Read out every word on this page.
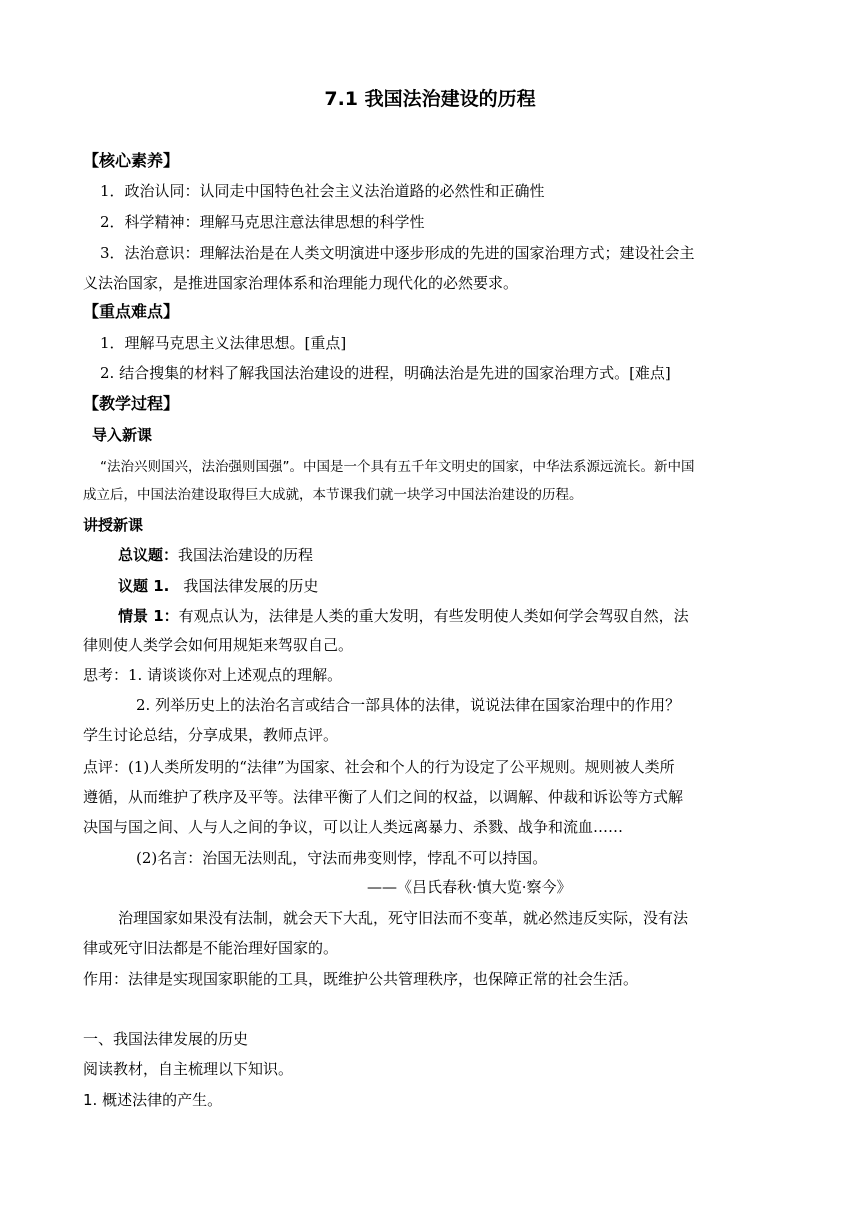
7.1 我国法治建设的历程
【核心素养】
1．政治认同：认同走中国特色社会主义法治道路的必然性和正确性
2．科学精神：理解马克思注意法律思想的科学性
3．法治意识：理解法治是在人类文明演进中逐步形成的先进的国家治理方式；建设社会主
义法治国家，是推进国家治理体系和治理能力现代化的必然要求。
【重点难点】
1．理解马克思主义法律思想。[重点]
2. 结合搜集的材料了解我国法治建设的进程，明确法治是先进的国家治理方式。[难点]
【教学过程】
导入新课
“法治兴则国兴，法治强则国强”。中国是一个具有五千年文明史的国家，中华法系源远流长。新中国
成立后，中国法治建设取得巨大成就，本节课我们就一块学习中国法治建设的历程。
讲授新课
总议题：我国法治建设的历程
议题 1. 我国法律发展的历史
情景 1：有观点认为，法律是人类的重大发明，有些发明使人类如何学会驾驭自然，法
律则使人类学会如何用规矩来驾驭自己。
思考：1. 请谈谈你对上述观点的理解。
2. 列举历史上的法治名言或结合一部具体的法律，说说法律在国家治理中的作用？
学生讨论总结，分享成果，教师点评。
点评：(1)人类所发明的“法律”为国家、社会和个人的行为设定了公平规则。规则被人类所
遵循，从而维护了秩序及平等。法律平衡了人们之间的权益，以调解、仲裁和诉讼等方式解
决国与国之间、人与人之间的争议，可以让人类远离暴力、杀戮、战争和流血……
(2)名言：治国无法则乱，守法而弗变则悖，悖乱不可以持国。
——《吕氏春秋·慎大览·察今》
治理国家如果没有法制，就会天下大乱，死守旧法而不变革，就必然违反实际，没有法
律或死守旧法都是不能治理好国家的。
作用：法律是实现国家职能的工具，既维护公共管理秩序，也保障正常的社会生活。
一、我国法律发展的历史
阅读教材，自主梳理以下知识。
1. 概述法律的产生。
